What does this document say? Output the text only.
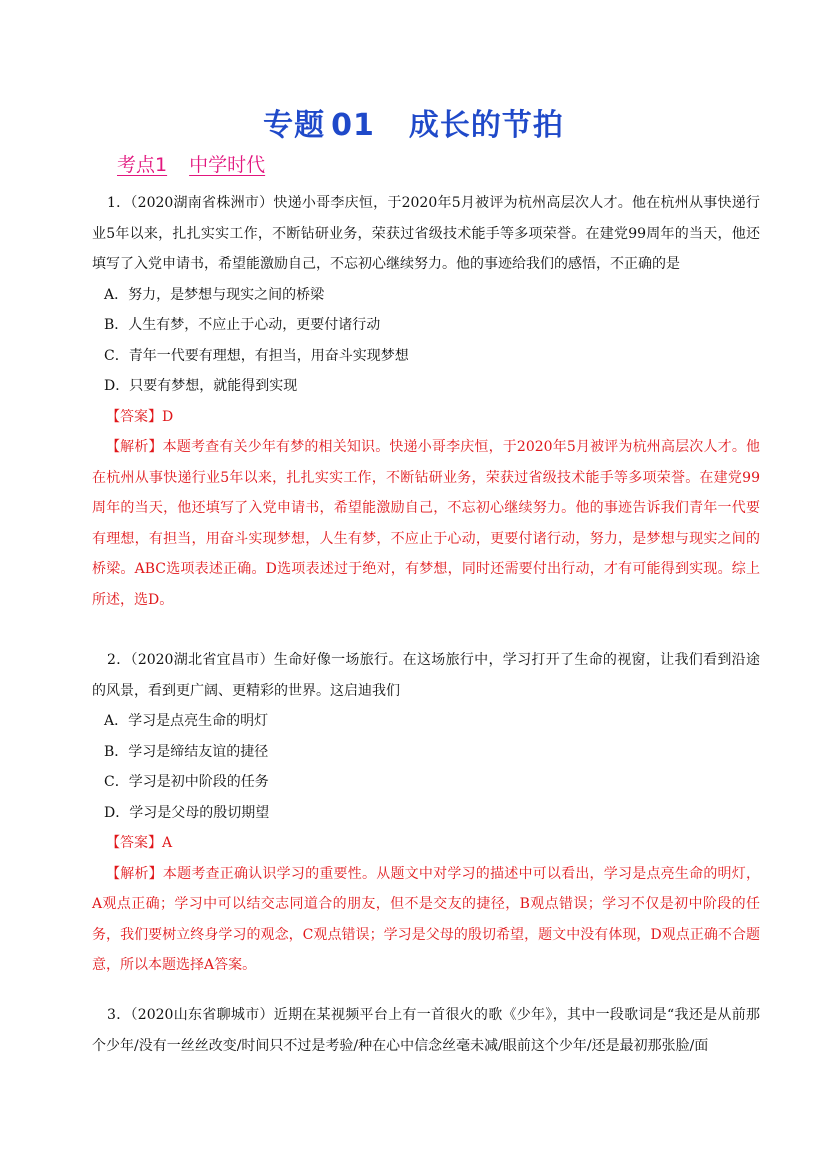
专题 01 成长的节拍
考点1 中学时代

1．（2020湖南省株洲市）快递小哥李庆恒，于2020年5月被评为杭州高层次人才。他在杭州从事快递行业5年以来，扎扎实实工作，不断钻研业务，荣获过省级技术能手等多项荣誉。在建党99周年的当天，他还填写了入党申请书，希望能激励自己，不忘初心继续努力。他的事迹给我们的感悟，不正确的是

A．努力，是梦想与现实之间的桥梁

B．人生有梦，不应止于心动，更要付诸行动

C．青年一代要有理想，有担当，用奋斗实现梦想

D．只要有梦想，就能得到实现

【答案】D

【解析】本题考查有关少年有梦的相关知识。快递小哥李庆恒，于2020年5月被评为杭州高层次人才。他在杭州从事快递行业5年以来，扎扎实实工作，不断钻研业务，荣获过省级技术能手等多项荣誉。在建党99周年的当天，他还填写了入党申请书，希望能激励自己，不忘初心继续努力。他的事迹告诉我们青年一代要有理想，有担当，用奋斗实现梦想，人生有梦，不应止于心动，更要付诸行动，努力，是梦想与现实之间的桥梁。ABC选项表述正确。D选项表述过于绝对，有梦想，同时还需要付出行动，才有可能得到实现。综上所述，选D。

2．（2020湖北省宜昌市）生命好像一场旅行。在这场旅行中，学习打开了生命的视窗，让我们看到沿途的风景，看到更广阔、更精彩的世界。这启迪我们

A．学习是点亮生命的明灯

B．学习是缔结友谊的捷径

C．学习是初中阶段的任务

D．学习是父母的殷切期望

【答案】A

【解析】本题考查正确认识学习的重要性。从题文中对学习的描述中可以看出，学习是点亮生命的明灯，A观点正确；学习中可以结交志同道合的朋友，但不是交友的捷径，B观点错误；学习不仅是初中阶段的任务，我们要树立终身学习的观念，C观点错误；学习是父母的殷切希望，题文中没有体现，D观点正确不合题意，所以本题选择A答案。

3．（2020山东省聊城市）近期在某视频平台上有一首很火的歌《少年》，其中一段歌词是“我还是从前那个少年/没有一丝丝改变/时间只不过是考验/种在心中信念丝毫未减/眼前这个少年/还是最初那张脸/面
